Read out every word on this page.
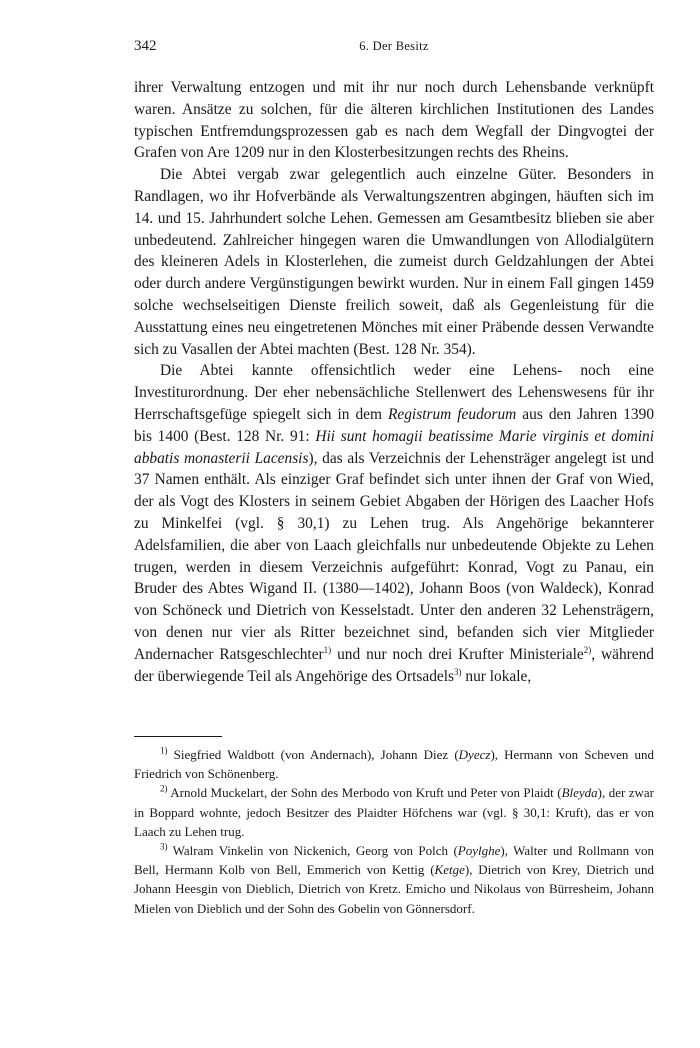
342	6. Der Besitz

ihrer Verwaltung entzogen und mit ihr nur noch durch Lehensbande verknüpft waren. Ansätze zu solchen, für die älteren kirchlichen Institutionen des Landes typischen Entfremdungsprozessen gab es nach dem Wegfall der Dingvogtei der Grafen von Are 1209 nur in den Klosterbesitzungen rechts des Rheins.

Die Abtei vergab zwar gelegentlich auch einzelne Güter. Besonders in Randlagen, wo ihr Hofverbände als Verwaltungszentren abgingen, häuften sich im 14. und 15. Jahrhundert solche Lehen. Gemessen am Gesamtbesitz blieben sie aber unbedeutend. Zahlreicher hingegen waren die Umwandlungen von Allodialgütern des kleineren Adels in Klosterlehen, die zumeist durch Geldzahlungen der Abtei oder durch andere Vergünstigungen bewirkt wurden. Nur in einem Fall gingen 1459 solche wechselseitigen Dienste freilich soweit, daß als Gegenleistung für die Ausstattung eines neu eingetretenen Mönches mit einer Präbende dessen Verwandte sich zu Vasallen der Abtei machten (Best. 128 Nr. 354).

Die Abtei kannte offensichtlich weder eine Lehens- noch eine Investiturordnung. Der eher nebensächliche Stellenwert des Lehenswesens für ihr Herrschaftsgefüge spiegelt sich in dem Registrum feudorum aus den Jahren 1390 bis 1400 (Best. 128 Nr. 91: Hii sunt homagii beatissime Marie virginis et domini abbatis monasterii Lacensis), das als Verzeichnis der Lehensträger angelegt ist und 37 Namen enthält. Als einziger Graf befindet sich unter ihnen der Graf von Wied, der als Vogt des Klosters in seinem Gebiet Abgaben der Hörigen des Laacher Hofs zu Minkelfei (vgl. § 30,1) zu Lehen trug. Als Angehörige bekannterer Adelsfamilien, die aber von Laach gleichfalls nur unbedeutende Objekte zu Lehen trugen, werden in diesem Verzeichnis aufgeführt: Konrad, Vogt zu Panau, ein Bruder des Abtes Wigand II. (1380—1402), Johann Boos (von Waldeck), Konrad von Schöneck und Dietrich von Kesselstadt. Unter den anderen 32 Lehensträgern, von denen nur vier als Ritter bezeichnet sind, befanden sich vier Mitglieder Andernacher Ratsgeschlechter$^{1)}$ und nur noch drei Krufter Ministeriale$^{2)}$, während der überwiegende Teil als Angehörige des Ortsadels$^{3)}$ nur lokale,

$^{1)}$ Siegfried Waldbott (von Andernach), Johann Diez (Dyecz), Hermann von Scheven und Friedrich von Schönenberg.

$^{2)}$ Arnold Muckelart, der Sohn des Merbodo von Kruft und Peter von Plaidt (Bleyda), der zwar in Boppard wohnte, jedoch Besitzer des Plaidter Höfchens war (vgl. § 30,1: Kruft), das er von Laach zu Lehen trug.

$^{3)}$ Walram Vinkelin von Nickenich, Georg von Polch (Poylghe), Walter und Rollmann von Bell, Hermann Kolb von Bell, Emmerich von Kettig (Ketge), Dietrich von Krey, Dietrich und Johann Heesgin von Dieblich, Dietrich von Kretz. Emicho und Nikolaus von Bürresheim, Johann Mielen von Dieblich und der Sohn des Gobelin von Gönnersdorf.
